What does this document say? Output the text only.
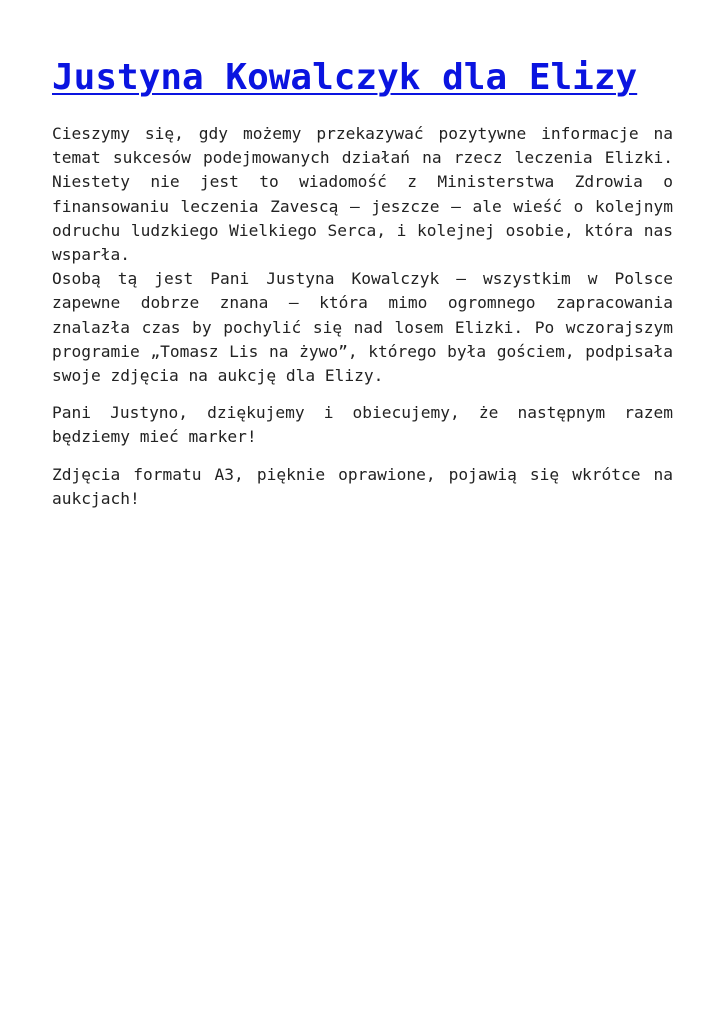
Justyna Kowalczyk dla Elizy

Cieszymy się, gdy możemy przekazywać pozytywne informacje na temat sukcesów podejmowanych działań na rzecz leczenia Elizki. Niestety nie jest to wiadomość z Ministerstwa Zdrowia o finansowaniu leczenia Zavescą – jeszcze – ale wieść o kolejnym odruchu ludzkiego Wielkiego Serca, i kolejnej osobie, która nas wsparła.
Osobą tą jest Pani Justyna Kowalczyk – wszystkim w Polsce zapewne dobrze znana – która mimo ogromnego zapracowania znalazła czas by pochylić się nad losem Elizki. Po wczorajszym programie „Tomasz Lis na żywo”, którego była gościem, podpisała swoje zdjęcia na aukcję dla Elizy.

Pani Justyno, dziękujemy i obiecujemy, że następnym razem będziemy mieć marker!

Zdjęcia formatu A3, pięknie oprawione, pojawią się wkrótce na aukcjach!
